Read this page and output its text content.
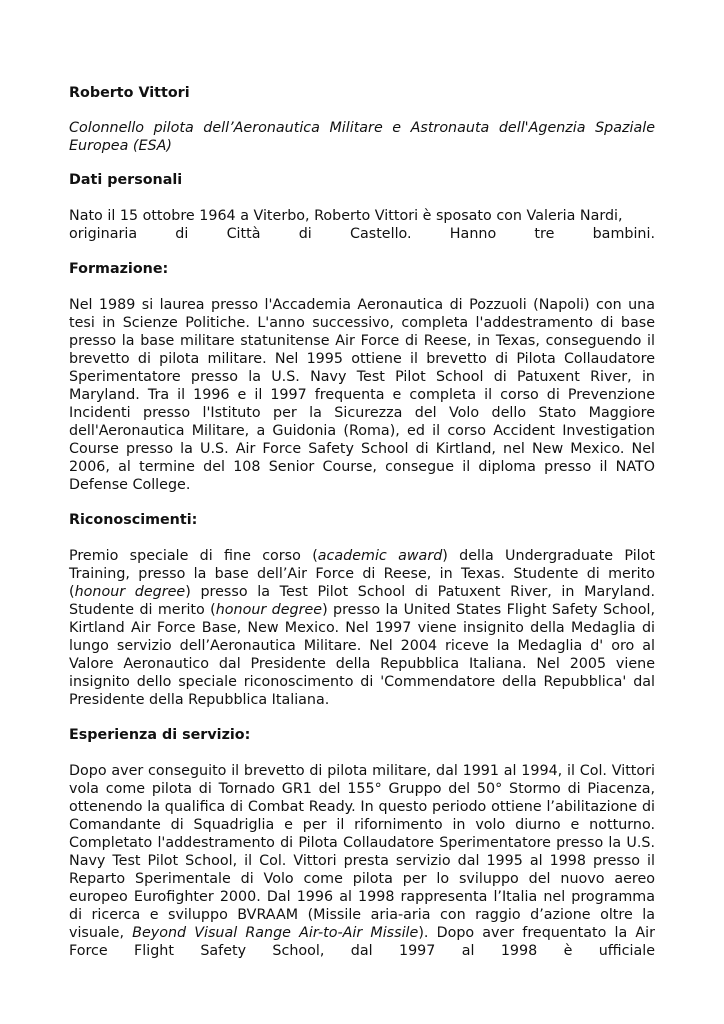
Roberto Vittori

Colonnello pilota dell’Aeronautica Militare e Astronauta dell'Agenzia Spaziale Europea (ESA)

Dati personali

Nato il 15 ottobre 1964 a Viterbo, Roberto Vittori è sposato con Valeria Nardi,

originaria di Città di Castello. Hanno tre bambini.

Formazione:

Nel 1989 si laurea presso l'Accademia Aeronautica di Pozzuoli (Napoli) con una tesi in Scienze Politiche. L'anno successivo, completa l'addestramento di base presso la base militare statunitense Air Force di Reese, in Texas, conseguendo il brevetto di pilota militare. Nel 1995 ottiene il brevetto di Pilota Collaudatore Sperimentatore presso la U.S. Navy Test Pilot School di Patuxent River, in Maryland. Tra il 1996 e il 1997 frequenta e completa il corso di Prevenzione Incidenti presso l'Istituto per la Sicurezza del Volo dello Stato Maggiore dell'Aeronautica Militare, a Guidonia (Roma), ed il corso Accident Investigation Course presso la U.S. Air Force Safety School di Kirtland, nel New Mexico. Nel 2006, al termine del 108 Senior Course, consegue il diploma presso il NATO Defense College.

Riconoscimenti:

Premio speciale di fine corso (academic award) della Undergraduate Pilot Training, presso la base dell’Air Force di Reese, in Texas. Studente di merito (honour degree) presso la Test Pilot School di Patuxent River, in Maryland. Studente di merito (honour degree) presso la United States Flight Safety School, Kirtland Air Force Base, New Mexico. Nel 1997 viene insignito della Medaglia di lungo servizio dell’Aeronautica Militare. Nel 2004 riceve la Medaglia d' oro al Valore Aeronautico dal Presidente della Repubblica Italiana. Nel 2005 viene insignito dello speciale riconoscimento di 'Commendatore della Repubblica' dal Presidente della Repubblica Italiana.

Esperienza di servizio:

Dopo aver conseguito il brevetto di pilota militare, dal 1991 al 1994, il Col. Vittori vola come pilota di Tornado GR1 del 155° Gruppo del 50° Stormo di Piacenza, ottenendo la qualifica di Combat Ready. In questo periodo ottiene l’abilitazione di Comandante di Squadriglia e per il rifornimento in volo diurno e notturno. Completato l'addestramento di Pilota Collaudatore Sperimentatore presso la U.S. Navy Test Pilot School, il Col. Vittori presta servizio dal 1995 al 1998 presso il Reparto Sperimentale di Volo come pilota per lo sviluppo del nuovo aereo europeo Eurofighter 2000. Dal 1996 al 1998 rappresenta l’Italia nel programma di ricerca e sviluppo BVRAAM (Missile aria-aria con raggio d’azione oltre la visuale, Beyond Visual Range Air-to-Air Missile). Dopo aver frequentato la Air Force Flight Safety School, dal 1997 al 1998 è ufficiale
